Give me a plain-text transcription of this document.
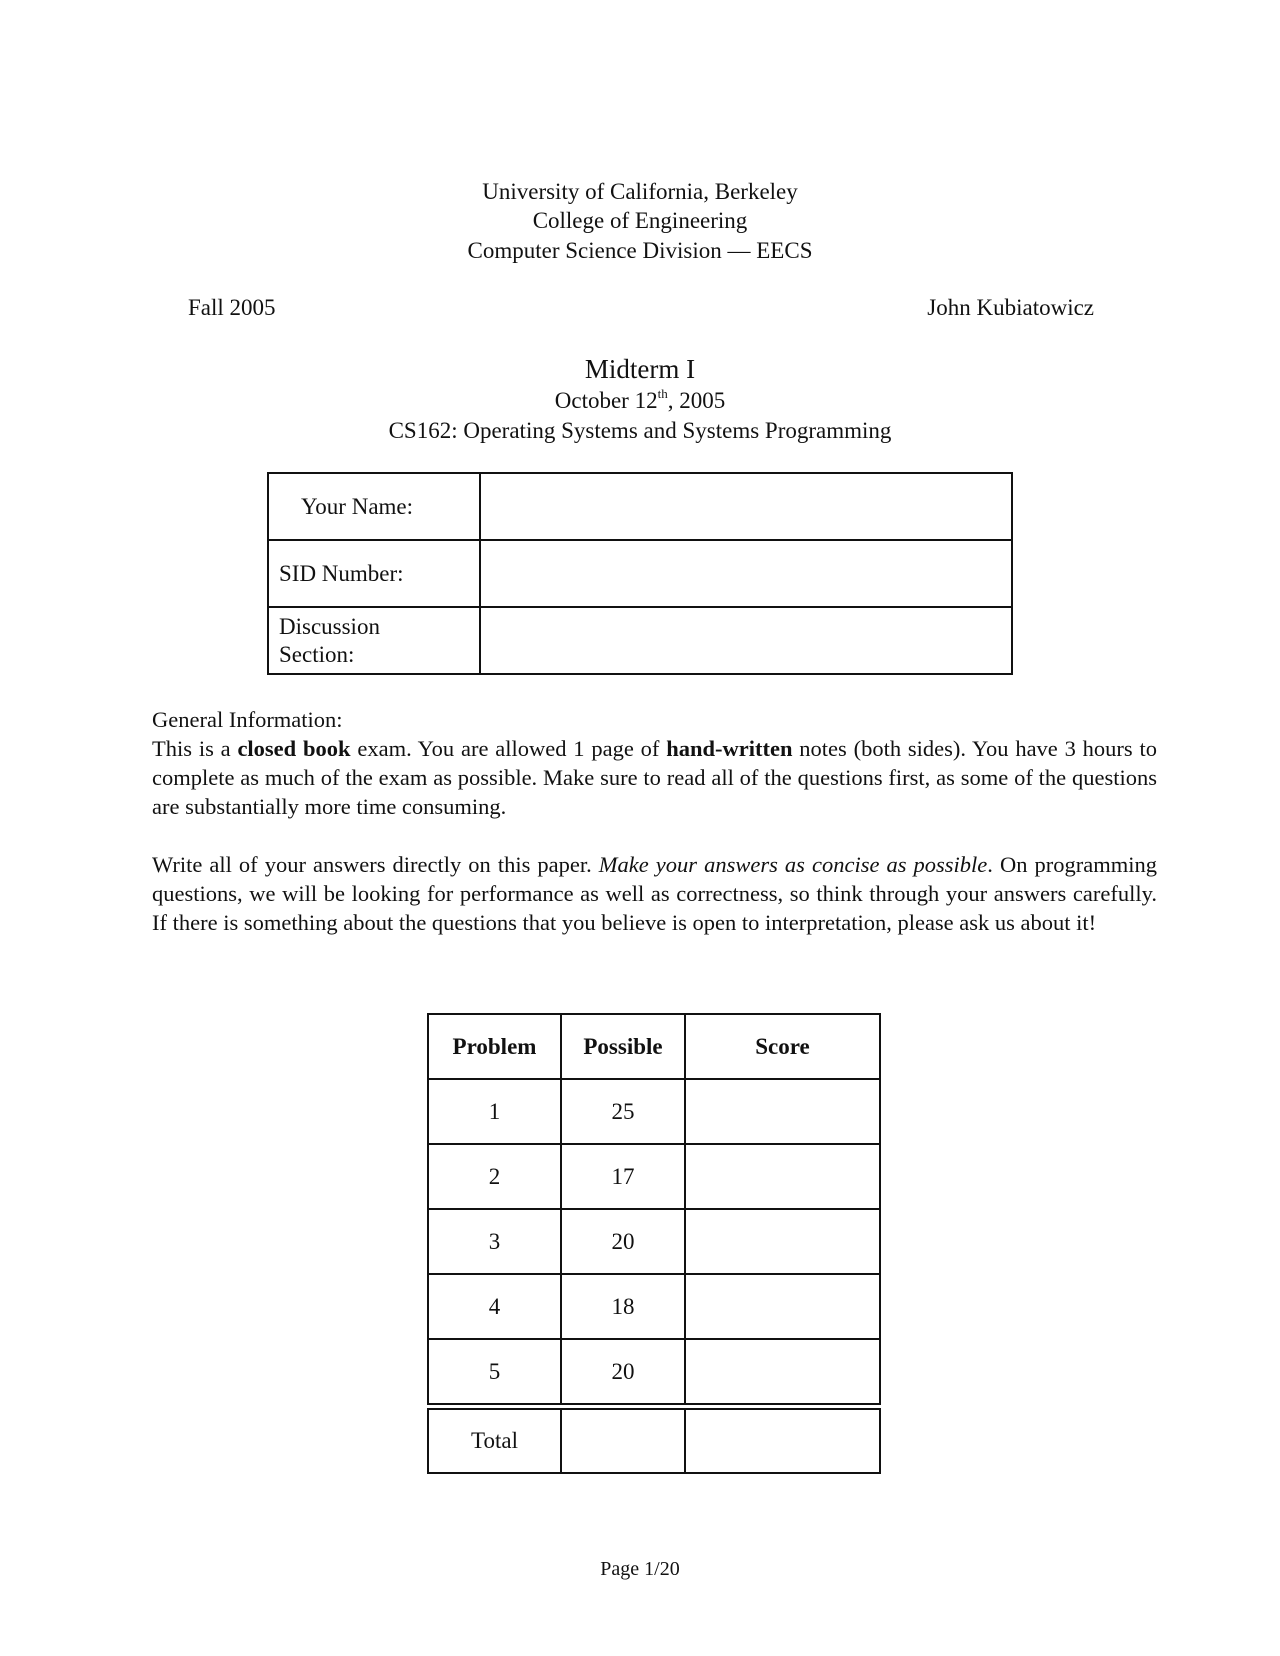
University of California, Berkeley
College of Engineering
Computer Science Division — EECS
Fall 2005	John Kubiatowicz
Midterm I
October 12th, 2005
CS162: Operating Systems and Systems Programming
Your Name:	
SID Number:	

Discussion
Section:	

General Information:

This is a closed book exam. You are allowed 1 page of hand-written notes (both sides). You have 3 hours to complete as much of the exam as possible. Make sure to read all of the questions first, as some of the questions are substantially more time consuming.

Write all of your answers directly on this paper. Make your answers as concise as possible. On programming questions, we will be looking for performance as well as correctness, so think through your answers carefully. If there is something about the questions that you believe is open to interpretation, please ask us about it!

Problem	Possible	Score
1	25	
2	17	
3	20	
4	18	
5	20	
Total		
Page 1/20
